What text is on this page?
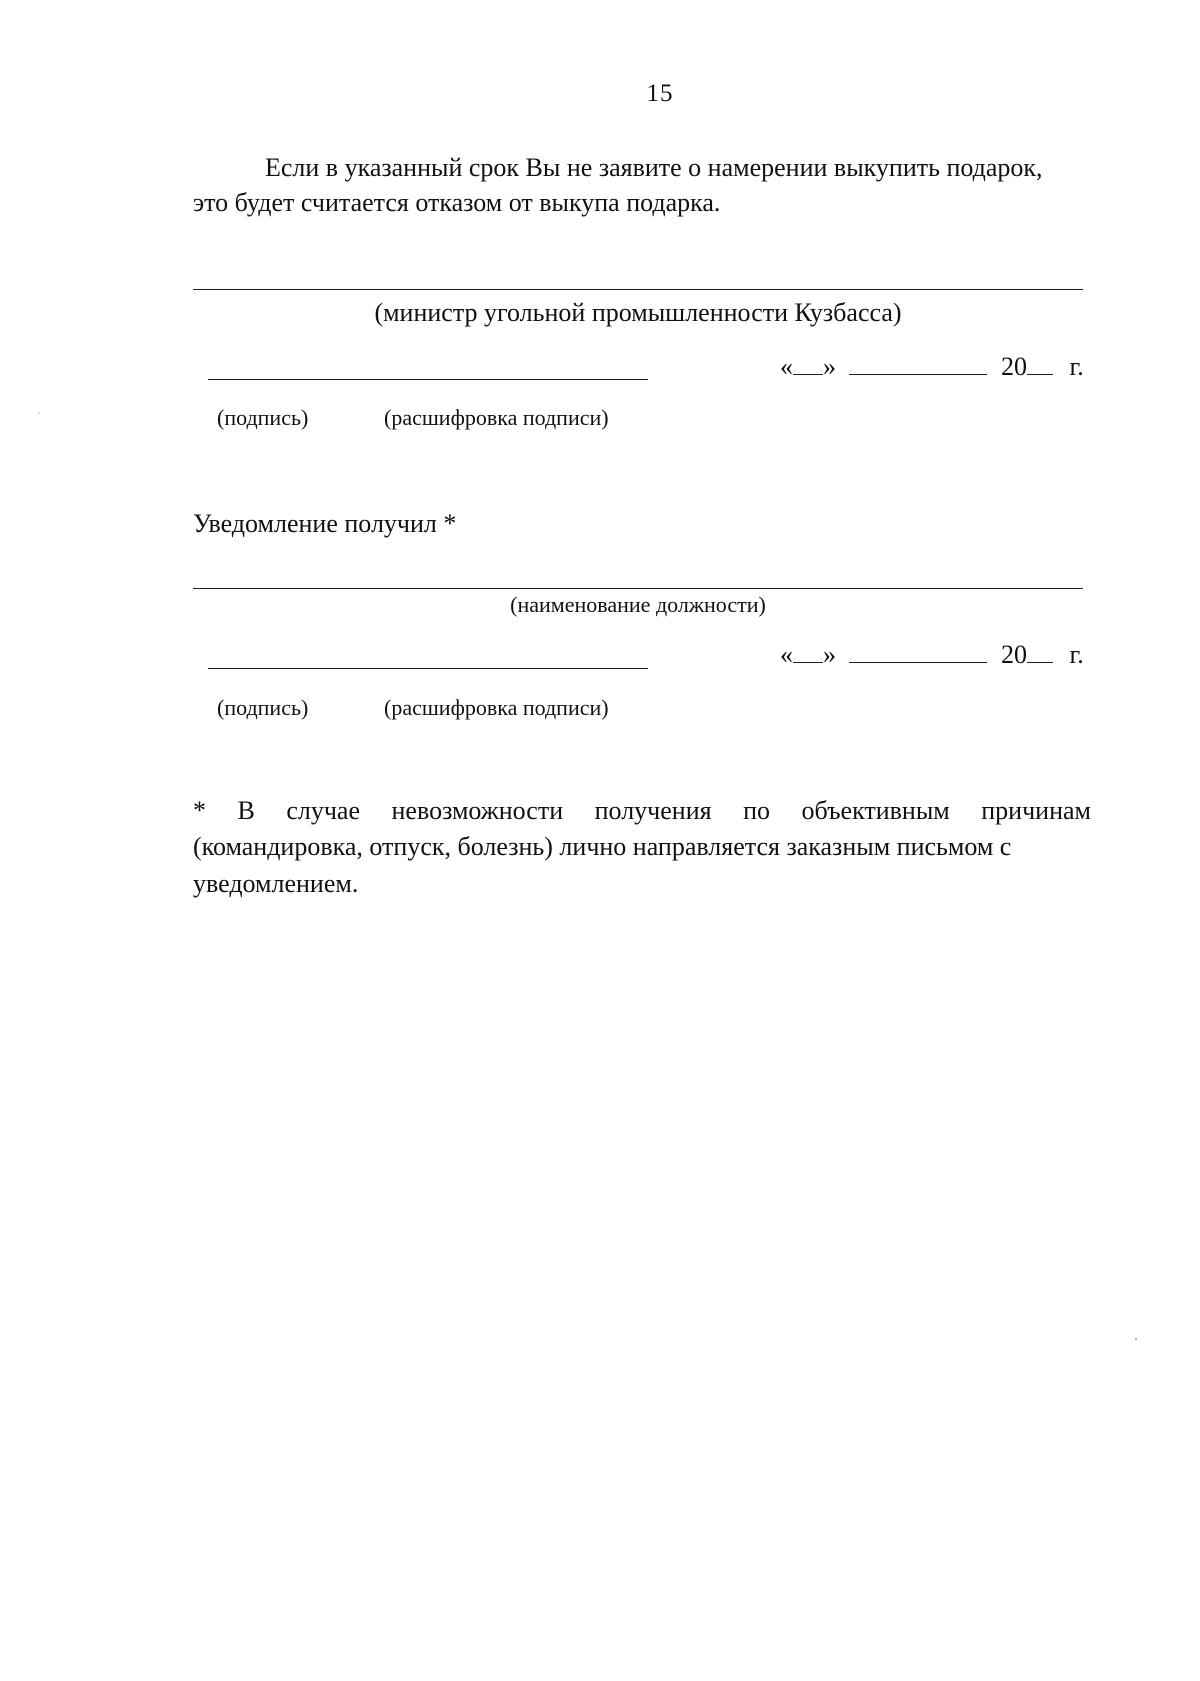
15
Если в указанный срок Вы не заявите о намерении выкупить подарок,
это будет считается отказом от выкупа подарка.
(министр угольной промышленности Кузбасса)
« »	20 г.
(подпись)	(расшифровка подписи)
Уведомление получил *
(наименование должности)
« »	20 г.
(подпись)	(расшифровка подписи)
* В случае невозможности получения по объективным причинам
(командировка, отпуск, болезнь) лично направляется заказным письмом с
уведомлением.
